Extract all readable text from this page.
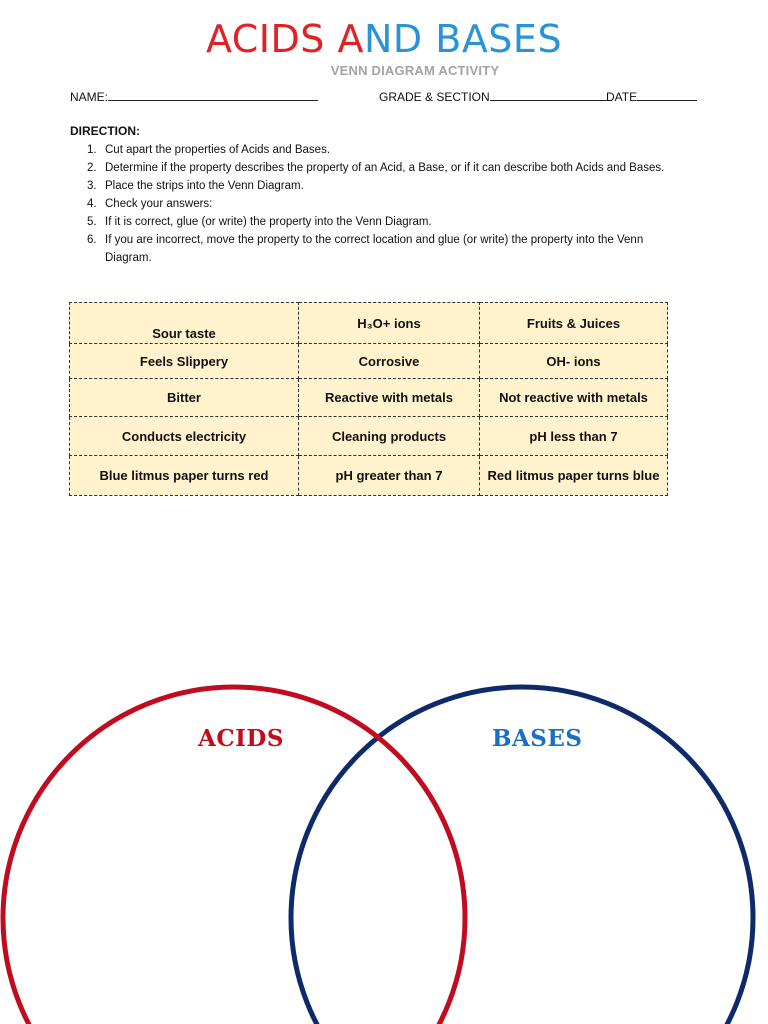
ACIDS AND BASES
VENN DIAGRAM ACTIVITY
NAME:	GRADE & SECTION	DATE
DIRECTION:
1. Cut apart the properties of Acids and Bases.
2. Determine if the property describes the property of an Acid, a Base, or if it can describe both Acids and Bases.
3. Place the strips into the Venn Diagram.
4. Check your answers:
5. If it is correct, glue (or write) the property into the Venn Diagram.
6. If you are incorrect, move the property to the correct location and glue (or write) the property into the Venn Diagram.
Sour taste	H₃O+ ions	Fruits & Juices
Feels Slippery	Corrosive	OH- ions
Bitter	Reactive with metals	Not reactive with metals
Conducts electricity	Cleaning products	pH less than 7
Blue litmus paper turns red	pH greater than 7	Red litmus paper turns blue
ACIDS	BASES
